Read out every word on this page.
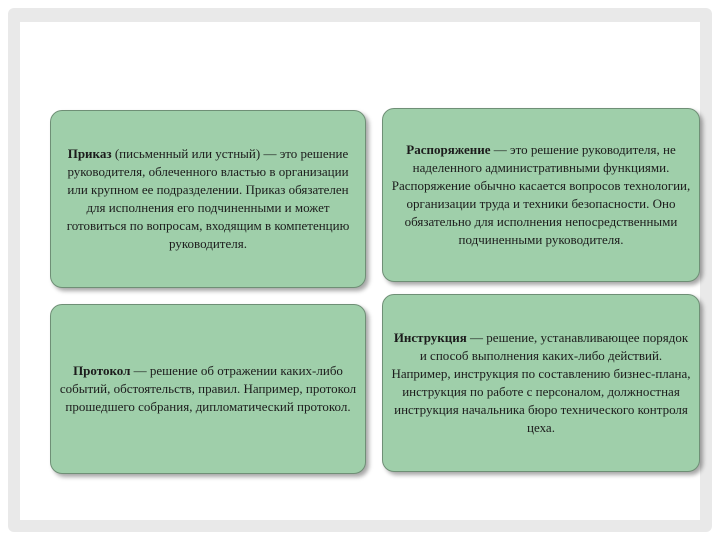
Приказ (письменный или устный) — это решение руководителя, облеченного властью в организации или крупном ее подразделении. Приказ обязателен для исполнения его подчиненными и может готовиться по вопросам, входящим в компетенцию руководителя.

Распоряжение — это решение руководителя, не наделенного административными функциями. Распоряжение обычно касается вопросов технологии, организации труда и техники безопасности. Оно обязательно для исполнения непосредственными подчиненными руководителя.

Протокол — решение об отражении каких-либо событий, обстоятельств, правил. Например, протокол прошедшего собрания, дипломатический протокол.

Инструкция — решение, устанавливающее порядок и способ выполнения каких-либо действий. Например, инструкция по составлению бизнес-плана, инструкция по работе с персоналом, должностная инструкция начальника бюро технического контроля цеха.
